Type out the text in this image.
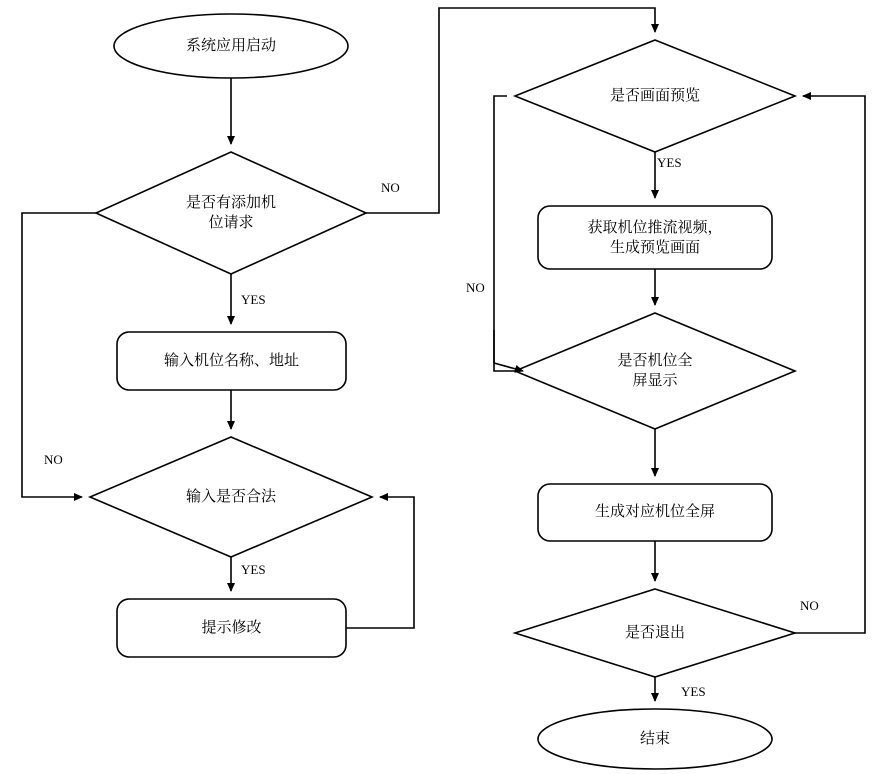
系统应用启动
是否有添加机
位请求
输入机位名称、地址
输入是否合法
提示修改
是否画面预览
获取机位推流视频，
生成预览画面
是否机位全
屏显示
生成对应机位全屏
是否退出
结束
NO
YES
NO
YES
YES
NO
NO
YES
